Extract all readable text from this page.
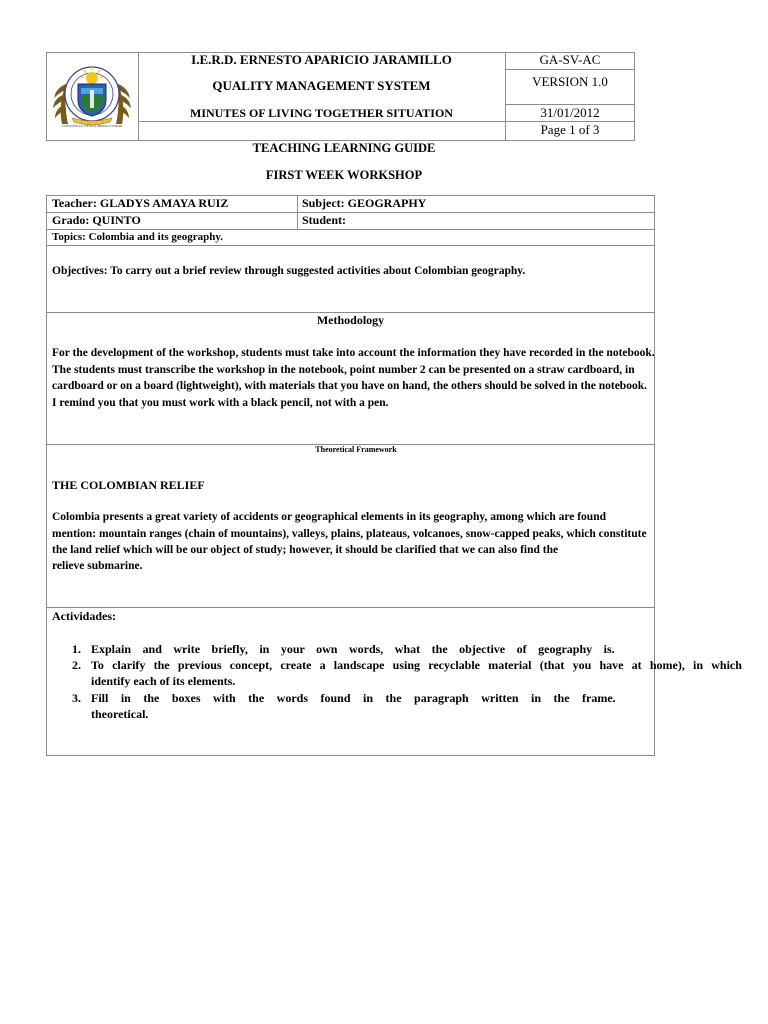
CONVIVENCIA, CIENCIA, PRODUCTIVIDAD
I.E.R.D. ERNESTO APARICIO JARAMILLO
QUALITY MANAGEMENT SYSTEM
MINUTES OF LIVING TOGETHER SITUATION
GA-SV-AC
VERSION 1.0
31/01/2012
Page 1 of 3
TEACHING LEARNING GUIDE
FIRST WEEK WORKSHOP
Teacher: GLADYS AMAYA RUIZ	Subject: GEOGRAPHY
Grado: QUINTO	Student:
Topics: Colombia and its geography.
Objectives: To carry out a brief review through suggested activities about Colombian geography.
Methodology
For the development of the workshop, students must take into account the information they have recorded in the notebook.
The students must transcribe the workshop in the notebook, point number 2 can be presented on a straw cardboard, in
cardboard or on a board (lightweight), with materials that you have on hand, the others should be solved in the notebook.
I remind you that you must work with a black pencil, not with a pen.
Theoretical Framework
THE COLOMBIAN RELIEF
Colombia presents a great variety of accidents or geographical elements in its geography, among which are found
mention: mountain ranges (chain of mountains), valleys, plains, plateaus, volcanoes, snow-capped peaks, which constitute
the land relief which will be our object of study; however, it should be clarified that we can also find the
relieve submarine.
Actividades:
1. Explain and write briefly, in your own words, what the objective of geography is.
2. To clarify the previous concept, create a landscape using recyclable material (that you have at home), in which
identify each of its elements.
3. Fill in the boxes with the words found in the paragraph written in the frame.
theoretical.
